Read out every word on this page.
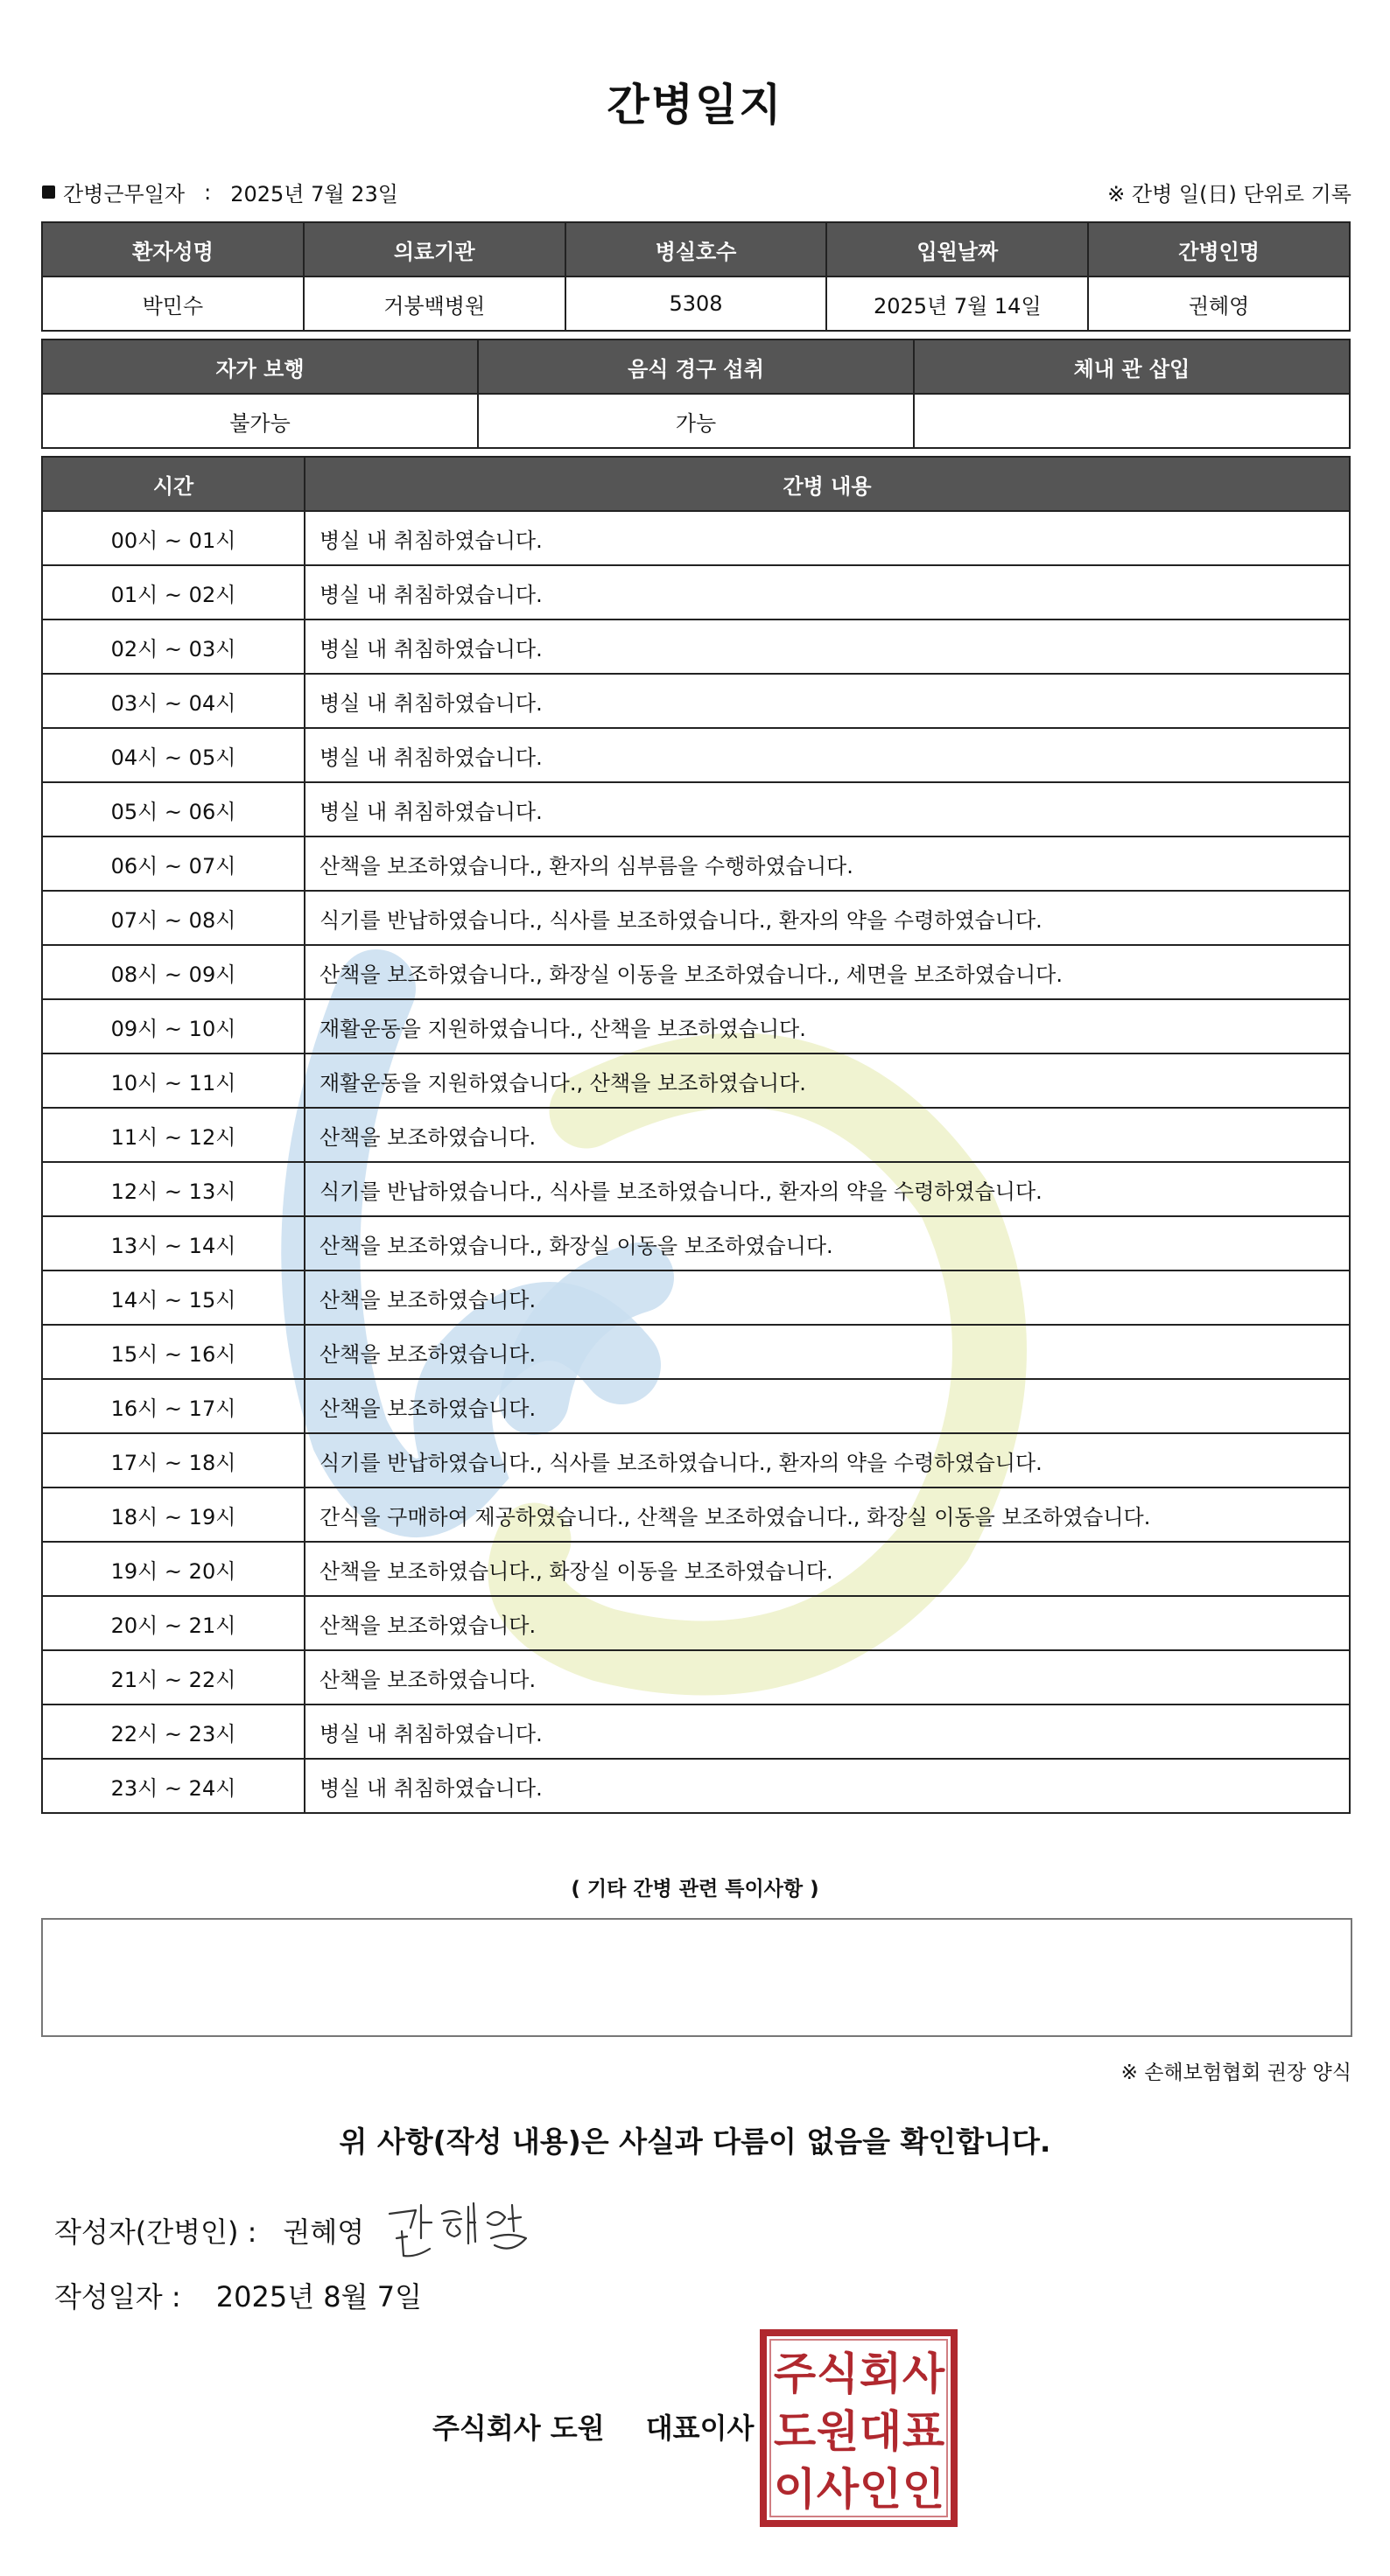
간병일지
간병근무일자 : 2025년 7월 23일	※ 간병 일(日) 단위로 기록
환자성명	의료기관	병실호수	입원날짜	간병인명
박민수	거붕백병원	5308	2025년 7월 14일	권혜영
자가 보행	음식 경구 섭취	체내 관 삽입
불가능	가능	
시간	간병 내용
00시 ~ 01시	병실 내 취침하였습니다.
01시 ~ 02시	병실 내 취침하였습니다.
02시 ~ 03시	병실 내 취침하였습니다.
03시 ~ 04시	병실 내 취침하였습니다.
04시 ~ 05시	병실 내 취침하였습니다.
05시 ~ 06시	병실 내 취침하였습니다.
06시 ~ 07시	산책을 보조하였습니다., 환자의 심부름을 수행하였습니다.
07시 ~ 08시	식기를 반납하였습니다., 식사를 보조하였습니다., 환자의 약을 수령하였습니다.
08시 ~ 09시	산책을 보조하였습니다., 화장실 이동을 보조하였습니다., 세면을 보조하였습니다.
09시 ~ 10시	재활운동을 지원하였습니다., 산책을 보조하였습니다.
10시 ~ 11시	재활운동을 지원하였습니다., 산책을 보조하였습니다.
11시 ~ 12시	산책을 보조하였습니다.
12시 ~ 13시	식기를 반납하였습니다., 식사를 보조하였습니다., 환자의 약을 수령하였습니다.
13시 ~ 14시	산책을 보조하였습니다., 화장실 이동을 보조하였습니다.
14시 ~ 15시	산책을 보조하였습니다.
15시 ~ 16시	산책을 보조하였습니다.
16시 ~ 17시	산책을 보조하였습니다.
17시 ~ 18시	식기를 반납하였습니다., 식사를 보조하였습니다., 환자의 약을 수령하였습니다.
18시 ~ 19시	간식을 구매하여 제공하였습니다., 산책을 보조하였습니다., 화장실 이동을 보조하였습니다.
19시 ~ 20시	산책을 보조하였습니다., 화장실 이동을 보조하였습니다.
20시 ~ 21시	산책을 보조하였습니다.
21시 ~ 22시	산책을 보조하였습니다.
22시 ~ 23시	병실 내 취침하였습니다.
23시 ~ 24시	병실 내 취침하였습니다.
( 기타 간병 관련 특이사항 )
※ 손해보험협회 권장 양식
위 사항(작성 내용)은 사실과 다름이 없음을 확인합니다.
작성자(간병인) : 권혜영
작성일자 : 2025년 8월 7일
주식회사 도원 대표이사
주 식 회 사
도 원 대 표
이 사 인 인
